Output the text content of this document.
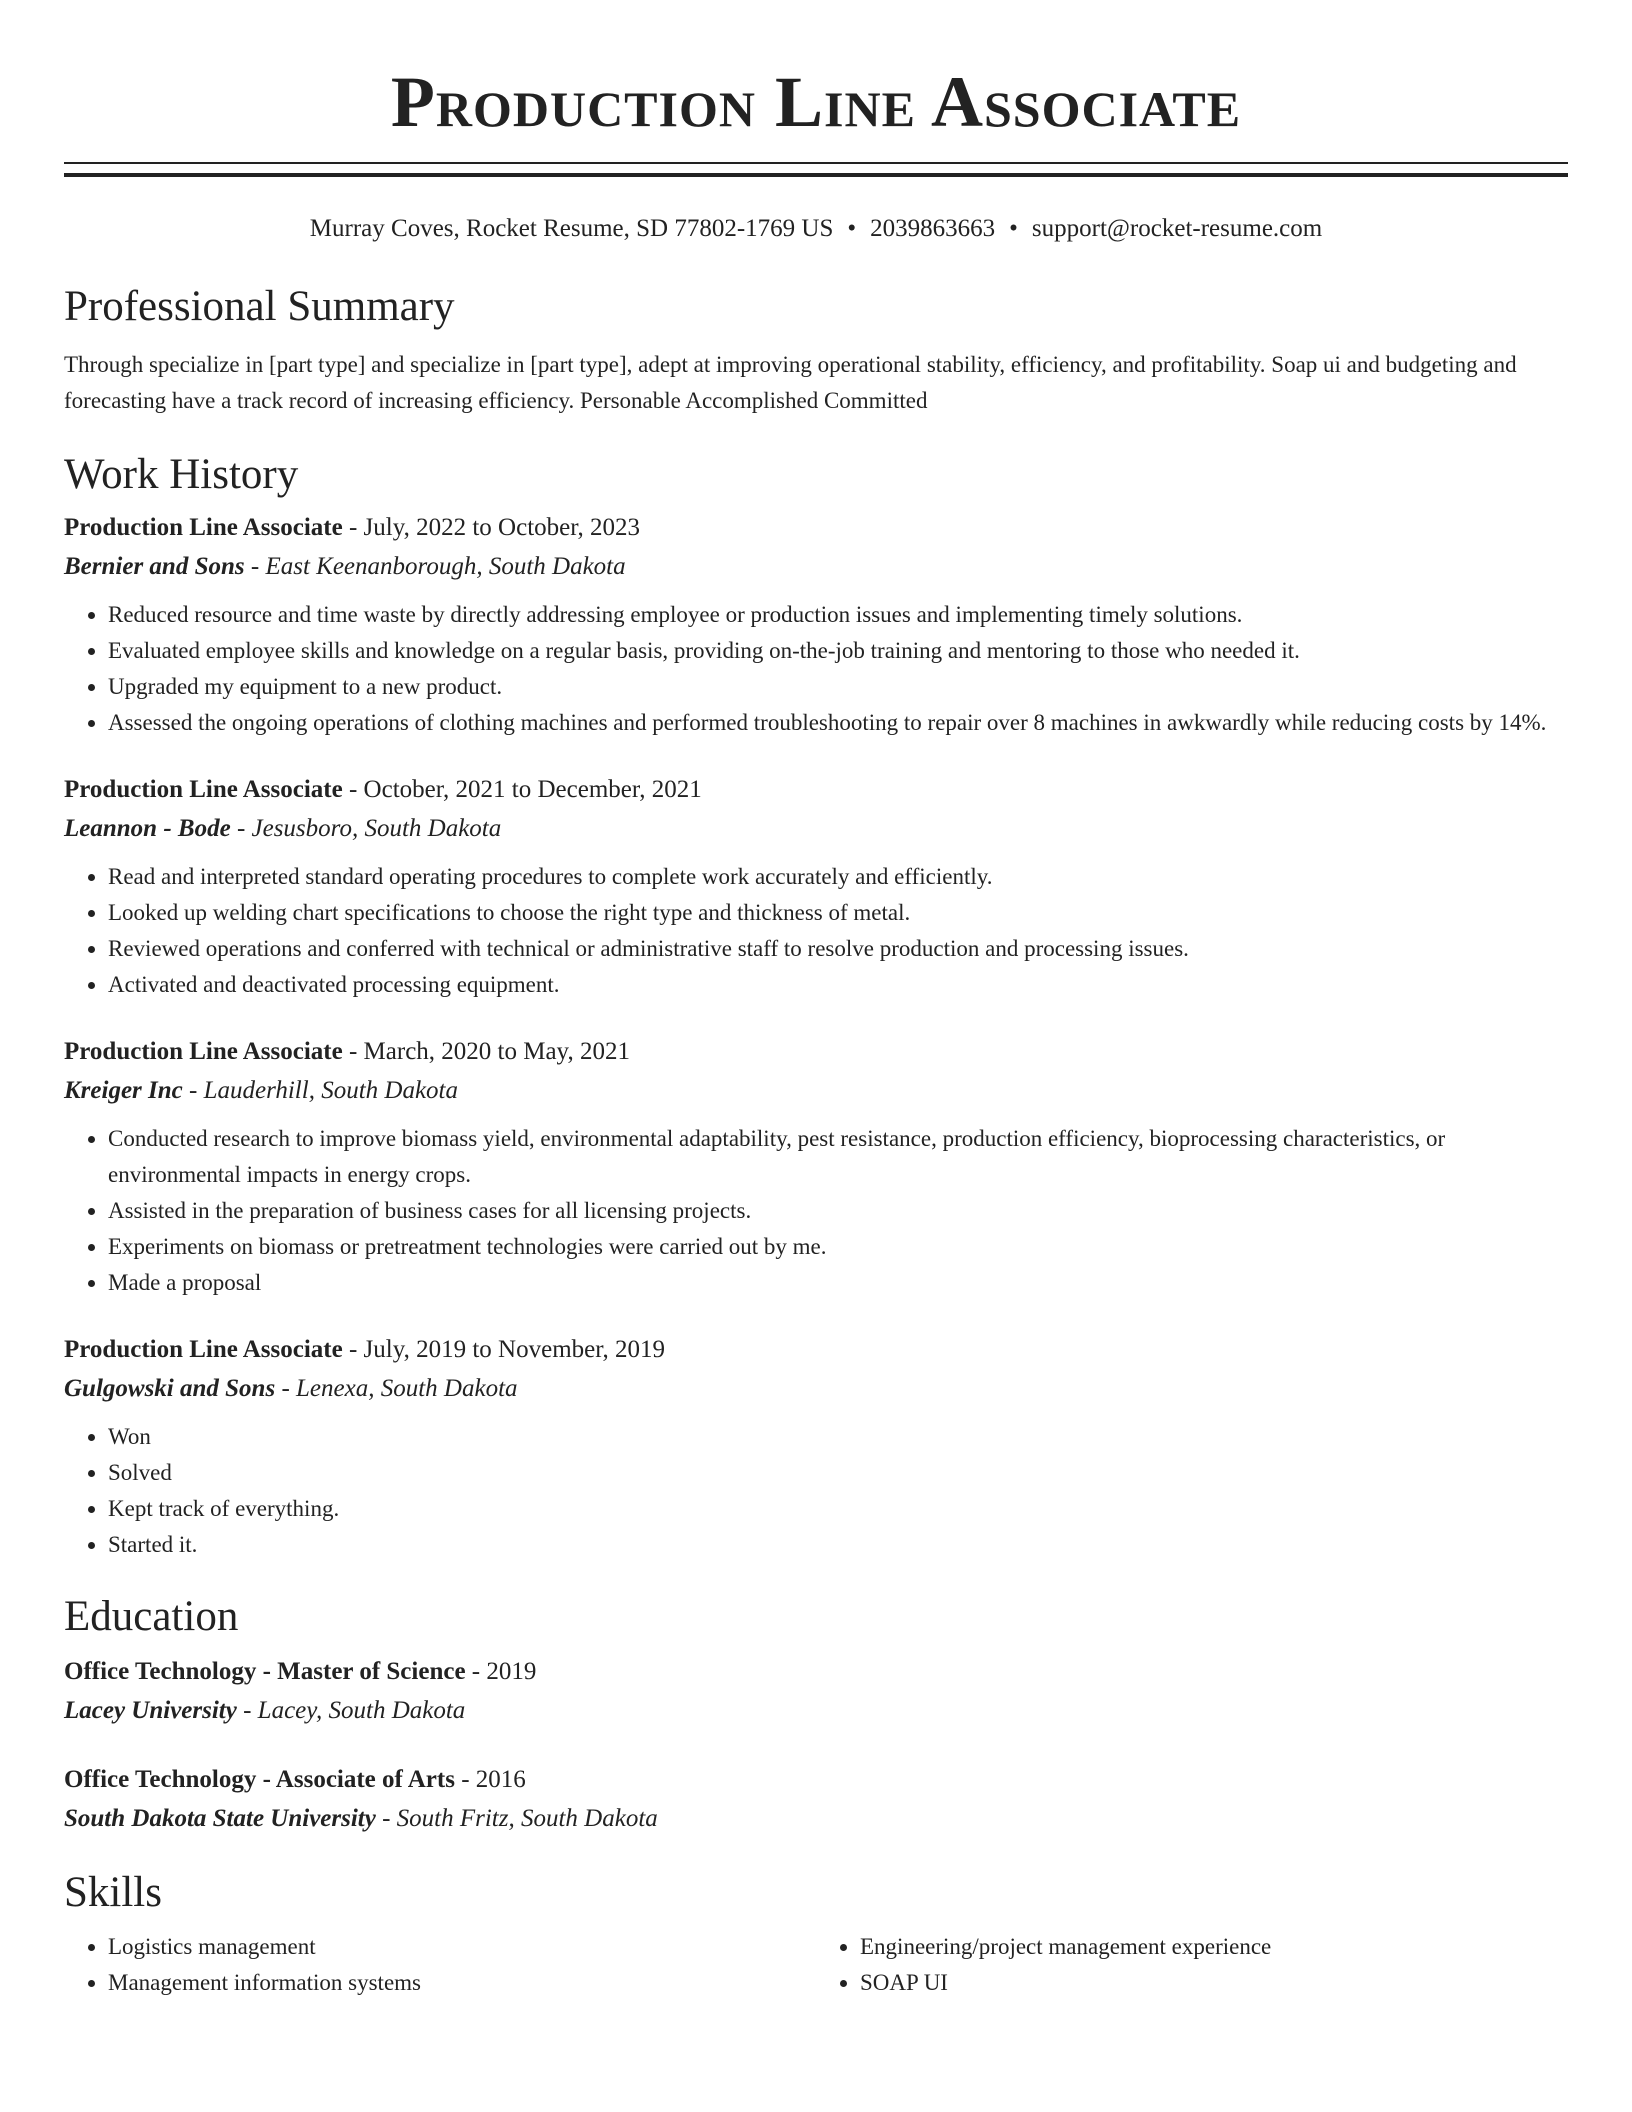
Production Line Associate
Murray Coves, Rocket Resume, SD 77802-1769 US • 2039863663 • support@rocket-resume.com
Professional Summary

Through specialize in [part type] and specialize in [part type], adept at improving operational stability, efficiency, and profitability. Soap ui and budgeting and forecasting have a track record of increasing efficiency. Personable Accomplished Committed

Work History
Production Line Associate - July, 2022 to October, 2023
Bernier and Sons - East Keenanborough, South Dakota
• Reduced resource and time waste by directly addressing employee or production issues and implementing timely solutions.
• Evaluated employee skills and knowledge on a regular basis, providing on-the-job training and mentoring to those who needed it.
• Upgraded my equipment to a new product.
• Assessed the ongoing operations of clothing machines and performed troubleshooting to repair over 8 machines in awkwardly while reducing costs by 14%.
Production Line Associate - October, 2021 to December, 2021
Leannon - Bode - Jesusboro, South Dakota
• Read and interpreted standard operating procedures to complete work accurately and efficiently.
• Looked up welding chart specifications to choose the right type and thickness of metal.
• Reviewed operations and conferred with technical or administrative staff to resolve production and processing issues.
• Activated and deactivated processing equipment.
Production Line Associate - March, 2020 to May, 2021
Kreiger Inc - Lauderhill, South Dakota
• Conducted research to improve biomass yield, environmental adaptability, pest resistance, production efficiency, bioprocessing characteristics, or environmental impacts in energy crops.
• Assisted in the preparation of business cases for all licensing projects.
• Experiments on biomass or pretreatment technologies were carried out by me.
• Made a proposal
Production Line Associate - July, 2019 to November, 2019
Gulgowski and Sons - Lenexa, South Dakota
• Won
• Solved
• Kept track of everything.
• Started it.
Education
Office Technology - Master of Science - 2019
Lacey University - Lacey, South Dakota
Office Technology - Associate of Arts - 2016
South Dakota State University - South Fritz, South Dakota
Skills
• Logistics management
• Management information systems
• Engineering/project management experience
• SOAP UI
